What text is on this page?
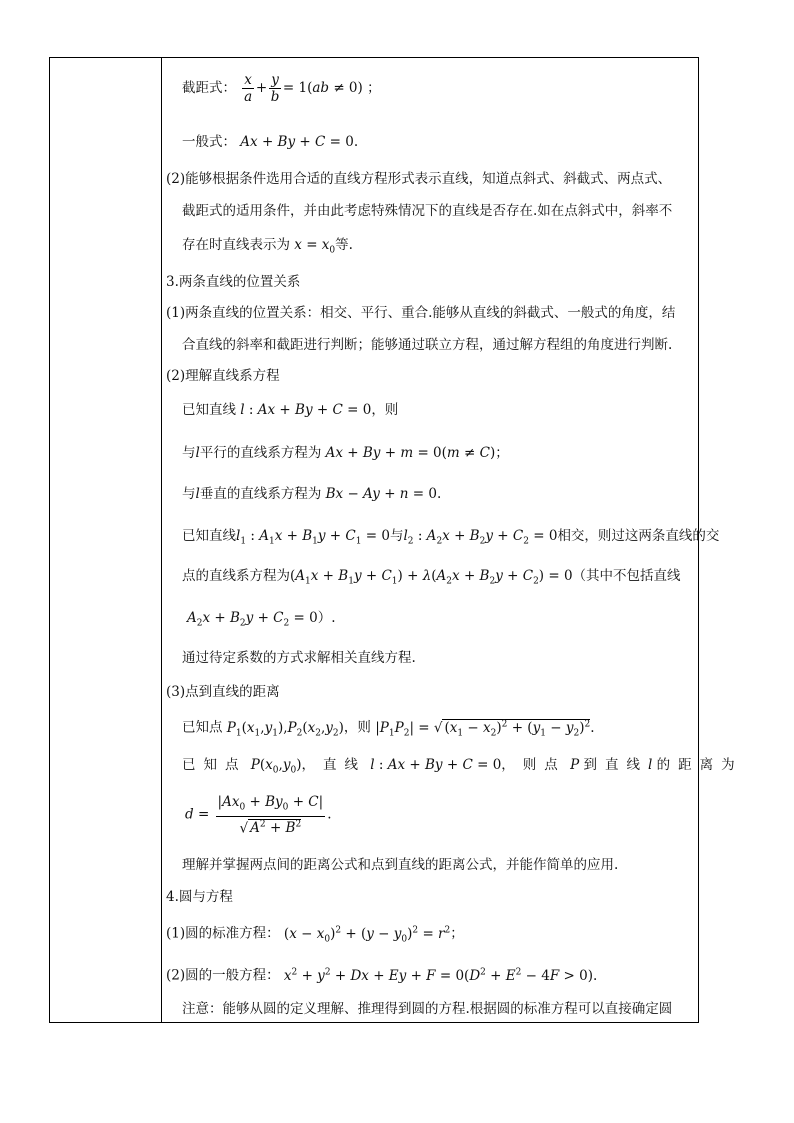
截距式： $\frac{x}{a} + \frac{y}{b} = 1(ab \ne 0)$ ；
一般式： Ax + By + C = 0.
(2)能够根据条件选用合适的直线方程形式表示直线，知道点斜式、斜截式、两点式、
截距式的适用条件，并由此考虑特殊情况下的直线是否存在.如在点斜式中，斜率不
存在时直线表示为 $x = x_0$等.
3.两条直线的位置关系
(1)两条直线的位置关系：相交、平行、重合.能够从直线的斜截式、一般式的角度，结
合直线的斜率和截距进行判断；能够通过联立方程，通过解方程组的角度进行判断.
(2)理解直线系方程
已知直线 l : Ax + By + C = 0，则
与l平行的直线系方程为 Ax + By + m = 0(m ≠ C)；
与l垂直的直线系方程为 Bx − Ay + n = 0.
已知直线$l_1$ : $A_1x + B_1y + C_1 = 0$与$l_2$ : $A_2x + B_2y + C_2 = 0$相交，则过这两条直线的交
点的直线系方程为$(A_1x + B_1y + C_1) + \lambda(A_2x + B_2y + C_2) = 0$（其中不包括直线
$A_2x + B_2y + C_2 = 0$）.
通过待定系数的方式求解相关直线方程.
(3)点到直线的距离
已知点 $P_1(x_1,y_1),P_2(x_2,y_2)$，则 $|P_1P_2|$ = √ $(x_1 - x_2)^2 + (y_1 - y_2)^2$.
已知点 $P(x_0,y_0)$，直线 l : Ax + By + C = 0，则点 P 到直线l 的距离为
$d = \frac{|Ax_0 + By_0 + C|}{√ A^2 + B^2}$ .
理解并掌握两点间的距离公式和点到直线的距离公式，并能作简单的应用.
4.圆与方程
(1)圆的标准方程： $(x - x_0)^2 + (y - y_0)^2 = r^2$；
(2)圆的一般方程： $x^2 + y^2 + Dx + Ey + F = 0(D^2 + E^2 - 4F > 0)$.
注意：能够从圆的定义理解、推理得到圆的方程.根据圆的标准方程可以直接确定圆
